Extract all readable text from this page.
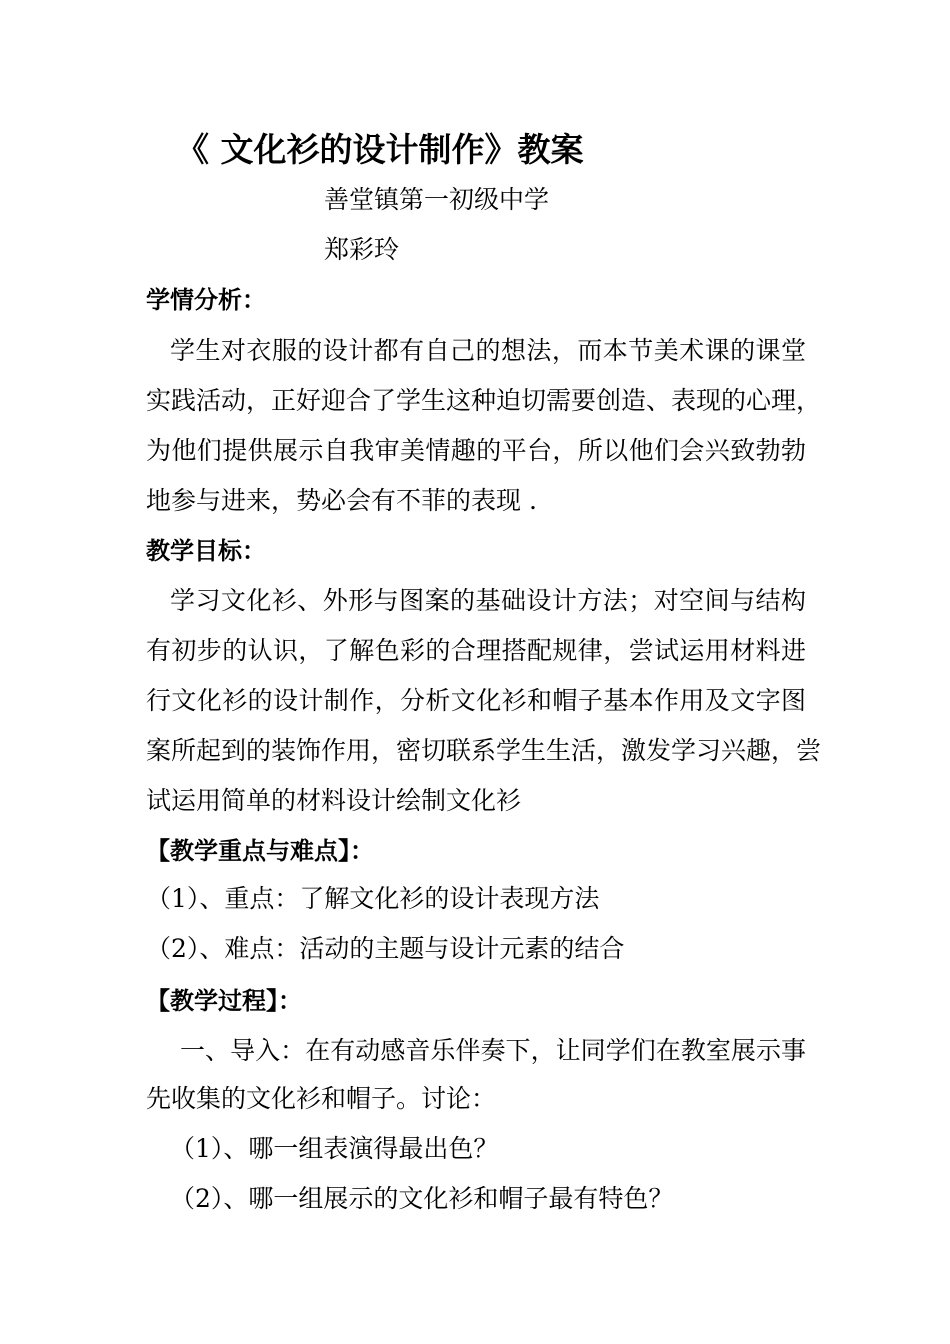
《 文化衫的设计制作》教案
善堂镇第一初级中学
郑彩玲
学情分析：
学生对衣服的设计都有自己的想法，而本节美术课的课堂
实践活动，正好迎合了学生这种迫切需要创造、表现的心理，
为他们提供展示自我审美情趣的平台，所以他们会兴致勃勃
地参与进来，势必会有不菲的表现 .
教学目标：
学习文化衫、外形与图案的基础设计方法；对空间与结构
有初步的认识，了解色彩的合理搭配规律，尝试运用材料进
行文化衫的设计制作，分析文化衫和帽子基本作用及文字图
案所起到的装饰作用，密切联系学生生活，激发学习兴趣，尝
试运用简单的材料设计绘制文化衫
【教学重点与难点】：
（1）、重点：了解文化衫的设计表现方法
（2）、难点：活动的主题与设计元素的结合
【教学过程】：
一、导入：在有动感音乐伴奏下，让同学们在教室展示事
先收集的文化衫和帽子。讨论：
（1）、哪一组表演得最出色？
（2）、哪一组展示的文化衫和帽子最有特色？
